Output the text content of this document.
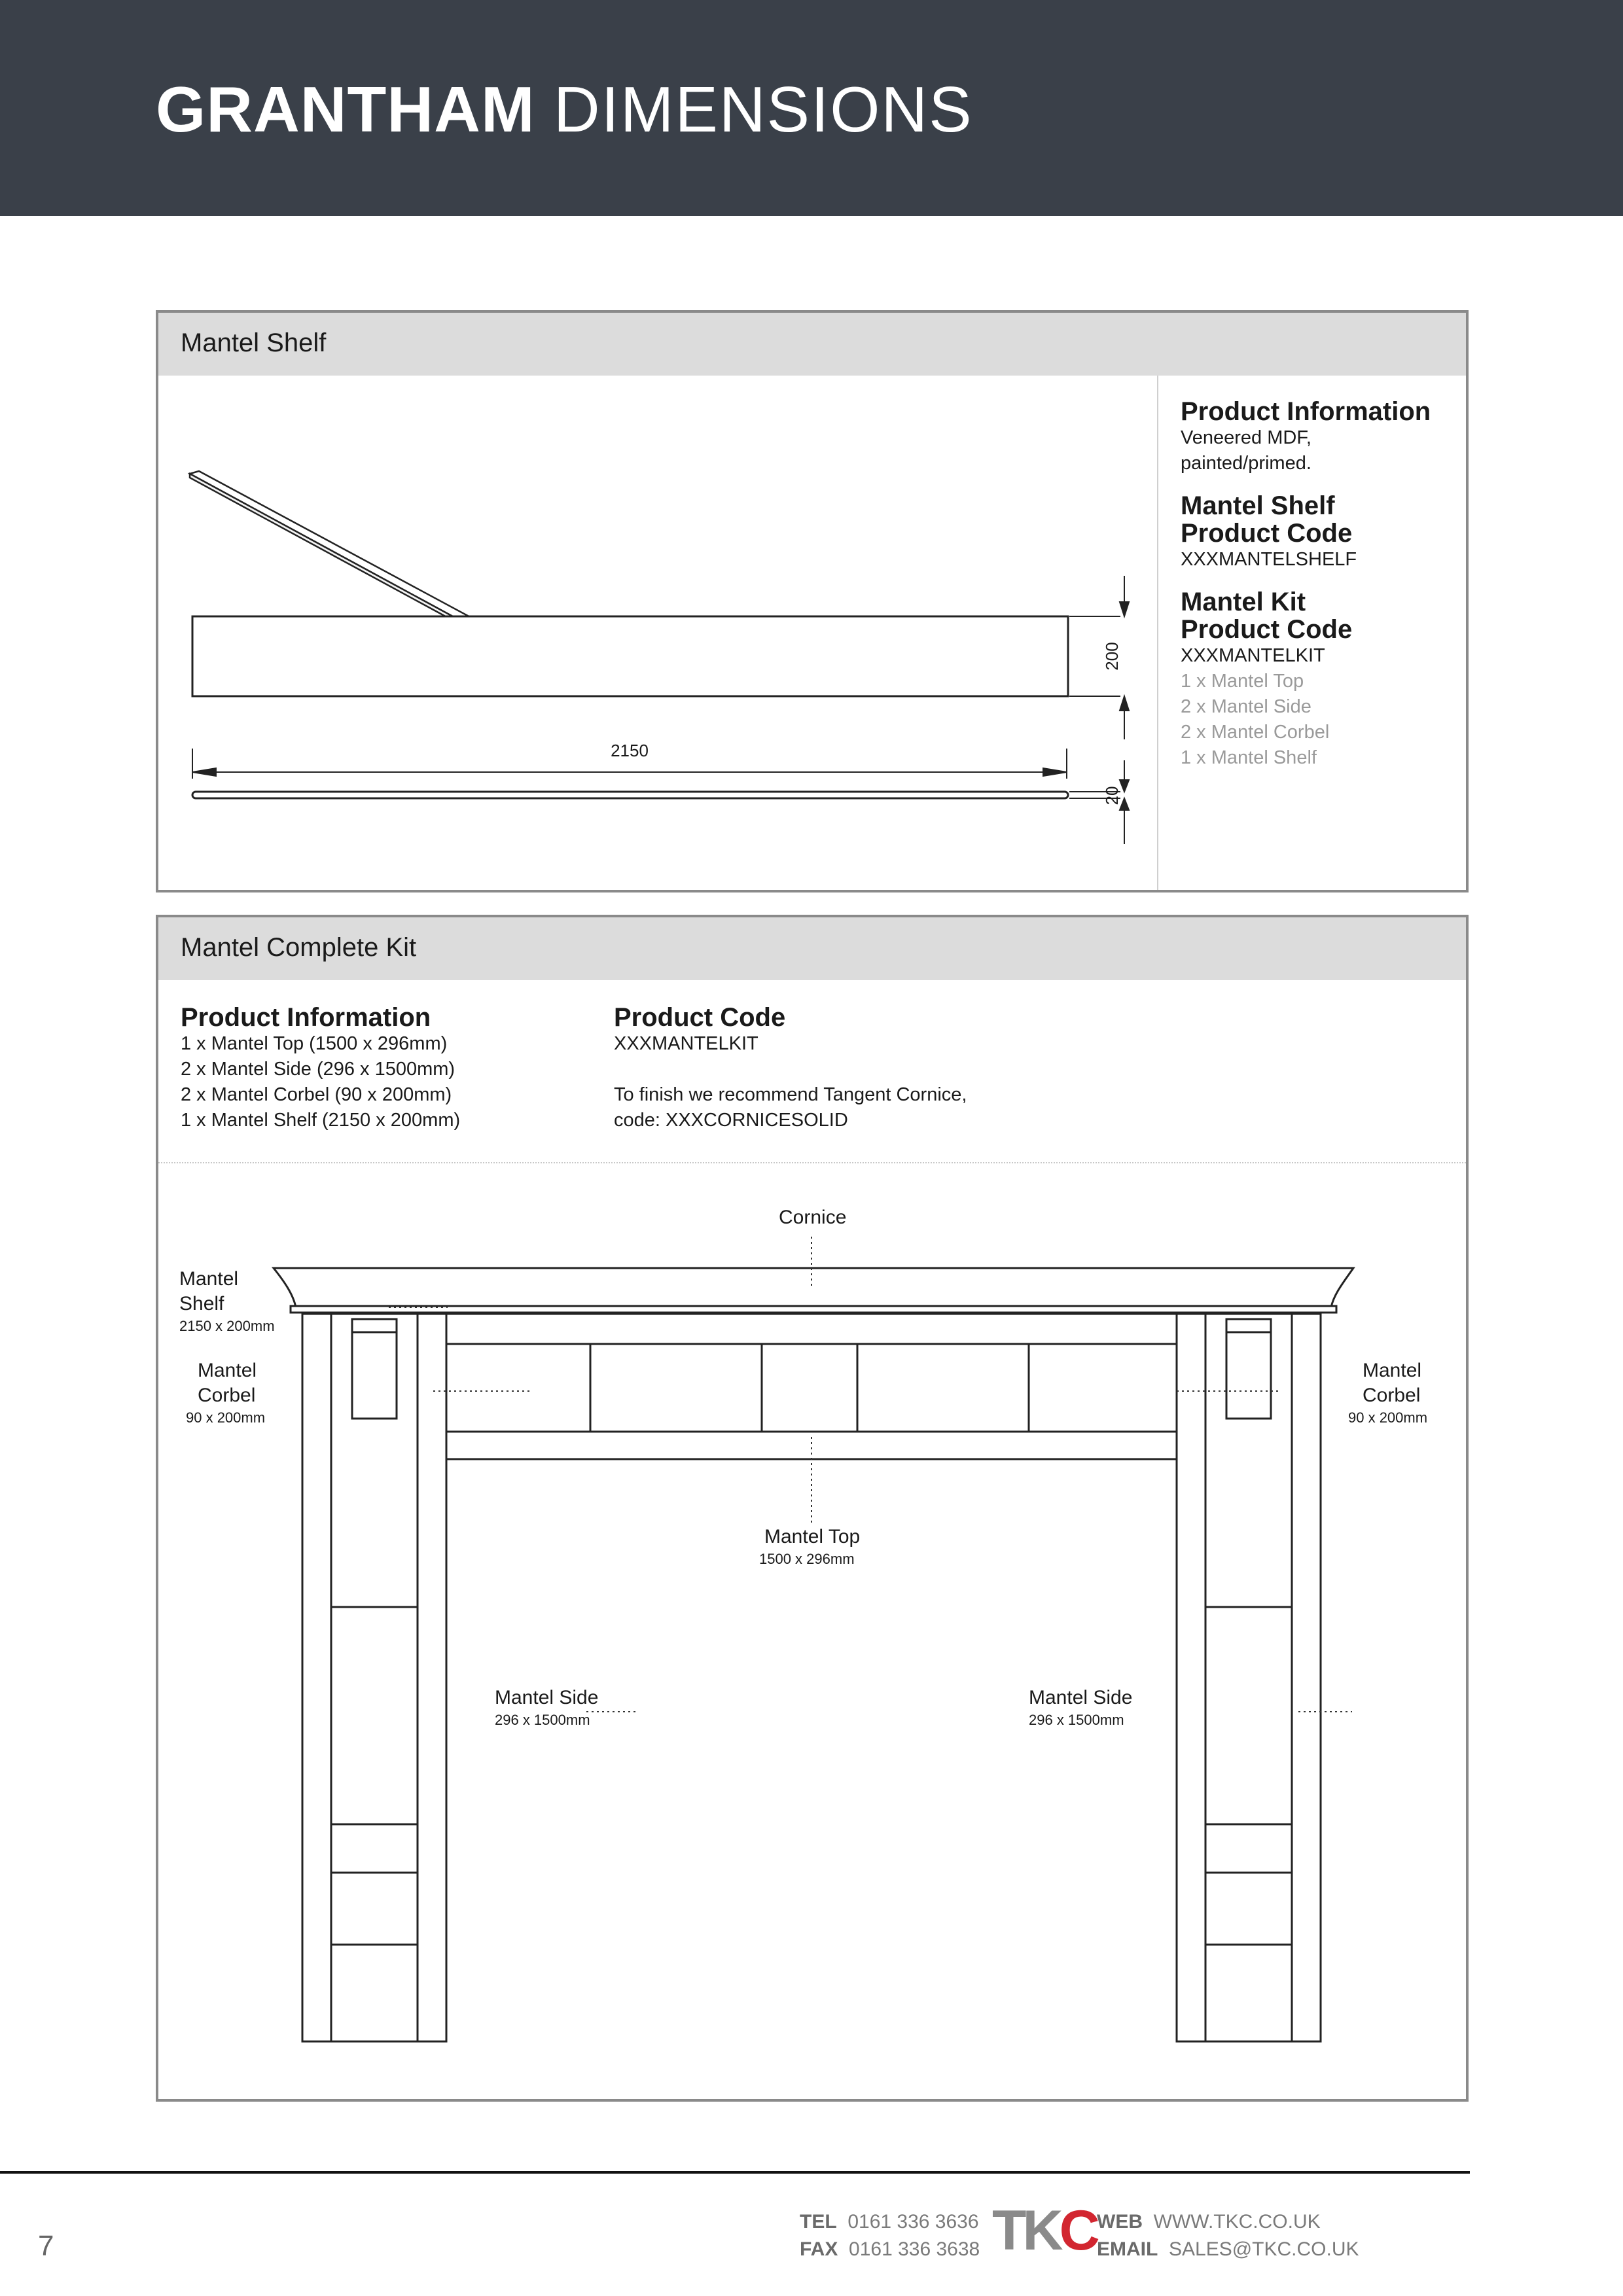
GRANTHAM DIMENSIONS
Mantel Shelf
200
2150
20
Product Information
Veneered MDF,
painted/primed.
Mantel Shelf
Product Code
XXXMANTELSHELF
Mantel Kit
Product Code
XXXMANTELKIT
1 x Mantel Top
2 x Mantel Side
2 x Mantel Corbel
1 x Mantel Shelf
Mantel Complete Kit
Product Information
1 x Mantel Top (1500 x 296mm)
2 x Mantel Side (296 x 1500mm)
2 x Mantel Corbel (90 x 200mm)
1 x Mantel Shelf (2150 x 200mm)
Product Code
XXXMANTELKIT
To finish we recommend Tangent Cornice,
code: XXXCORNICESOLID
Cornice
Mantel
Shelf
2150 x 200mm
Mantel
Corbel
90 x 200mm
Mantel
Corbel
90 x 200mm
Mantel Top
1500 x 296mm
Mantel Side
296 x 1500mm
Mantel Side
296 x 1500mm
7
TEL 0161 336 3636
FAX 0161 336 3638 TKC WEB WWW.TKC.CO.UK
EMAIL SALES@TKC.CO.UK
